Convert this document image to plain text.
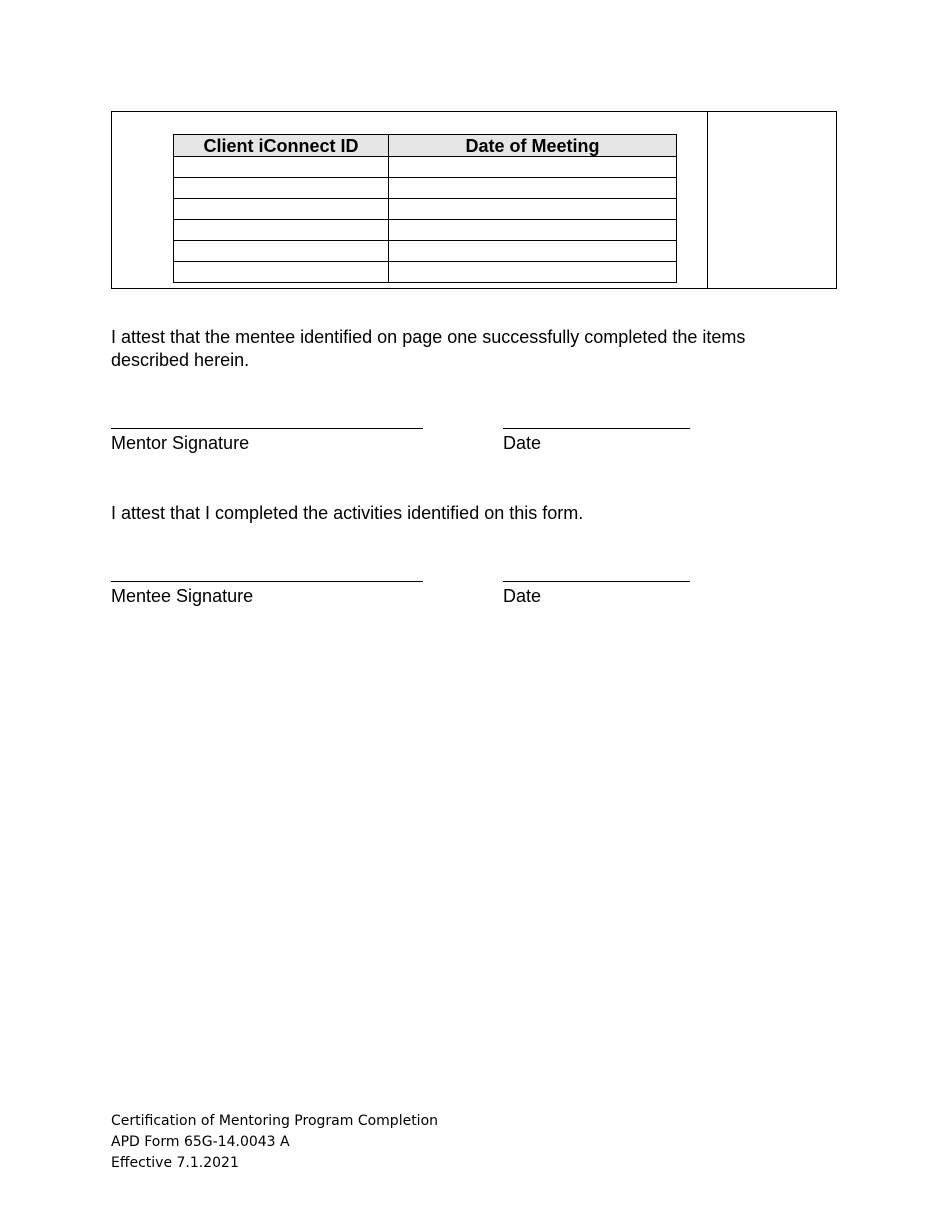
Client iConnect ID	Date of Meeting

I attest that the mentee identified on page one successfully completed the items described herein.
Mentor Signature	Date
I attest that I completed the activities identified on this form.
Mentee Signature	Date
Certification of Mentoring Program Completion
APD Form 65G-14.0043 A
Effective 7.1.2021
